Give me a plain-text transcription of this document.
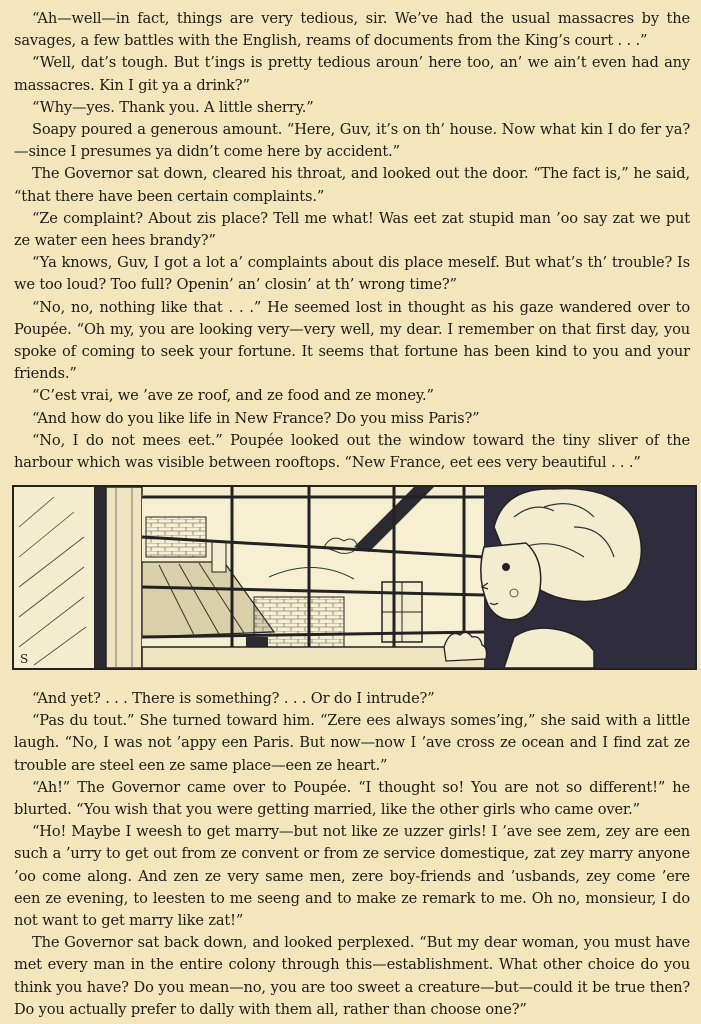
“Ah—well—in fact, things are very tedious, sir. We’ve had the usual massacres by the savages, a few battles with the English, reams of documents from the King’s court . . .”

“Well, dat’s tough. But t’ings is pretty tedious aroun’ here too, an’ we ain’t even had any massacres. Kin I git ya a drink?”

“Why—yes. Thank you. A little sherry.”

Soapy poured a generous amount. “Here, Guv, it’s on th’ house. Now what kin I do fer ya?—since I presumes ya didn’t come here by accident.”

The Governor sat down, cleared his throat, and looked out the door. “The fact is,” he said, “that there have been certain complaints.”

“Ze complaint? About zis place? Tell me what! Was eet zat stupid man ’oo say zat we put ze water een hees brandy?”

“Ya knows, Guv, I got a lot a’ complaints about dis place meself. But what’s th’ trouble? Is we too loud? Too full? Openin’ an’ closin’ at th’ wrong time?”

“No, no, nothing like that . . .” He seemed lost in thought as his gaze wandered over to Poupée. “Oh my, you are looking very—very well, my dear. I remember on that first day, you spoke of coming to seek your fortune. It seems that fortune has been kind to you and your friends.”

“C’est vrai, we ’ave ze roof, and ze food and ze money.”

“And how do you like life in New France? Do you miss Paris?”

“No, I do not mees eet.” Poupée looked out the window toward the tiny sliver of the harbour which was visible between rooftops. “New France, eet ees very beautiful . . .”

S

“And yet? . . . There is something? . . . Or do I intrude?”

“Pas du tout.” She turned toward him. “Zere ees always somes’ing,” she said with a little laugh. “No, I was not ’appy een Paris. But now—now I ’ave cross ze ocean and I find zat ze trouble are steel een ze same place—een ze heart.”

“Ah!” The Governor came over to Poupée. “I thought so! You are not so different!” he blurted. “You wish that you were getting married, like the other girls who came over.”

“Ho! Maybe I weesh to get marry—but not like ze uzzer girls! I ’ave see zem, zey are een such a ’urry to get out from ze convent or from ze service domestique, zat zey marry anyone ’oo come along. And zen ze very same men, zere boy-friends and ’usbands, zey come ’ere een ze evening, to leesten to me seeng and to make ze remark to me. Oh no, monsieur, I do not want to get marry like zat!”

The Governor sat back down, and looked perplexed. “But my dear woman, you must have met every man in the entire colony through this—establishment. What other choice do you think you have? Do you mean—no, you are too sweet a creature—but—could it be true then? Do you actually prefer to dally with them all, rather than choose one?”
